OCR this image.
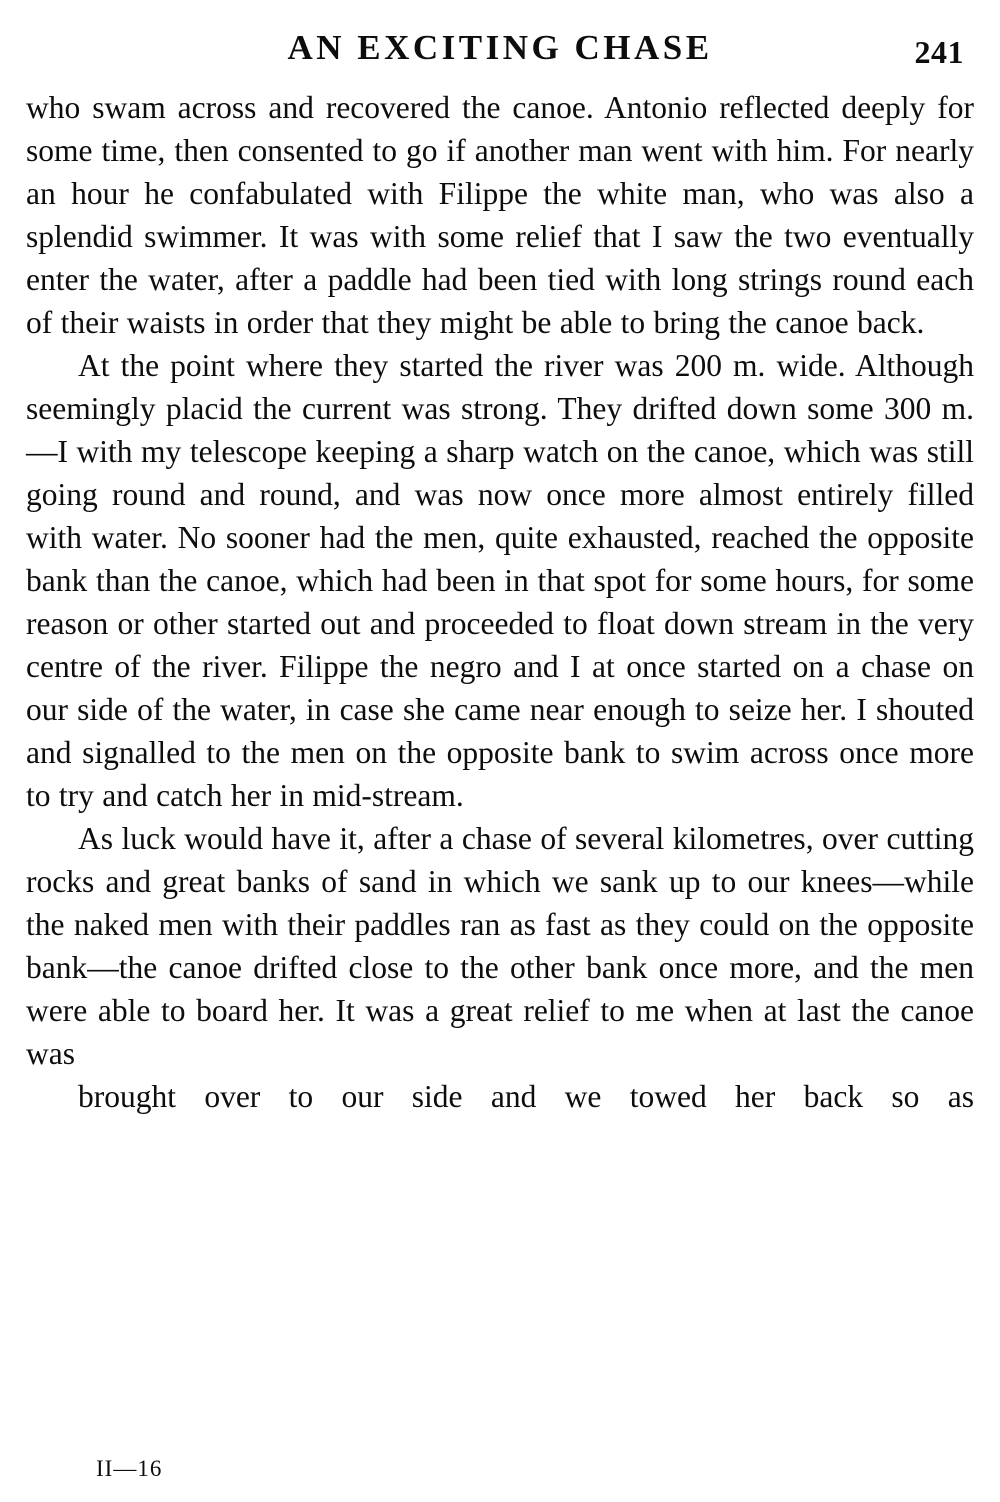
AN EXCITING CHASE	241

who swam across and recovered the canoe. Antonio reflected deeply for some time, then consented to go if another man went with him. For nearly an hour he confabulated with Filippe the white man, who was also a splendid swimmer. It was with some relief that I saw the two eventually enter the water, after a paddle had been tied with long strings round each of their waists in order that they might be able to bring the canoe back.

At the point where they started the river was 200 m. wide. Although seemingly placid the current was strong. They drifted down some 300 m.—I with my telescope keeping a sharp watch on the canoe, which was still going round and round, and was now once more almost entirely filled with water. No sooner had the men, quite exhausted, reached the opposite bank than the canoe, which had been in that spot for some hours, for some reason or other started out and proceeded to float down stream in the very centre of the river. Filippe the negro and I at once started on a chase on our side of the water, in case she came near enough to seize her. I shouted and signalled to the men on the opposite bank to swim across once more to try and catch her in mid-stream.

As luck would have it, after a chase of several kilometres, over cutting rocks and great banks of sand in which we sank up to our knees—while the naked men with their paddles ran as fast as they could on the opposite bank—the canoe drifted close to the other bank once more, and the men were able to board her. It was a great relief to me when at last the canoe was
brought over to our side and we towed her back so as

II—16
